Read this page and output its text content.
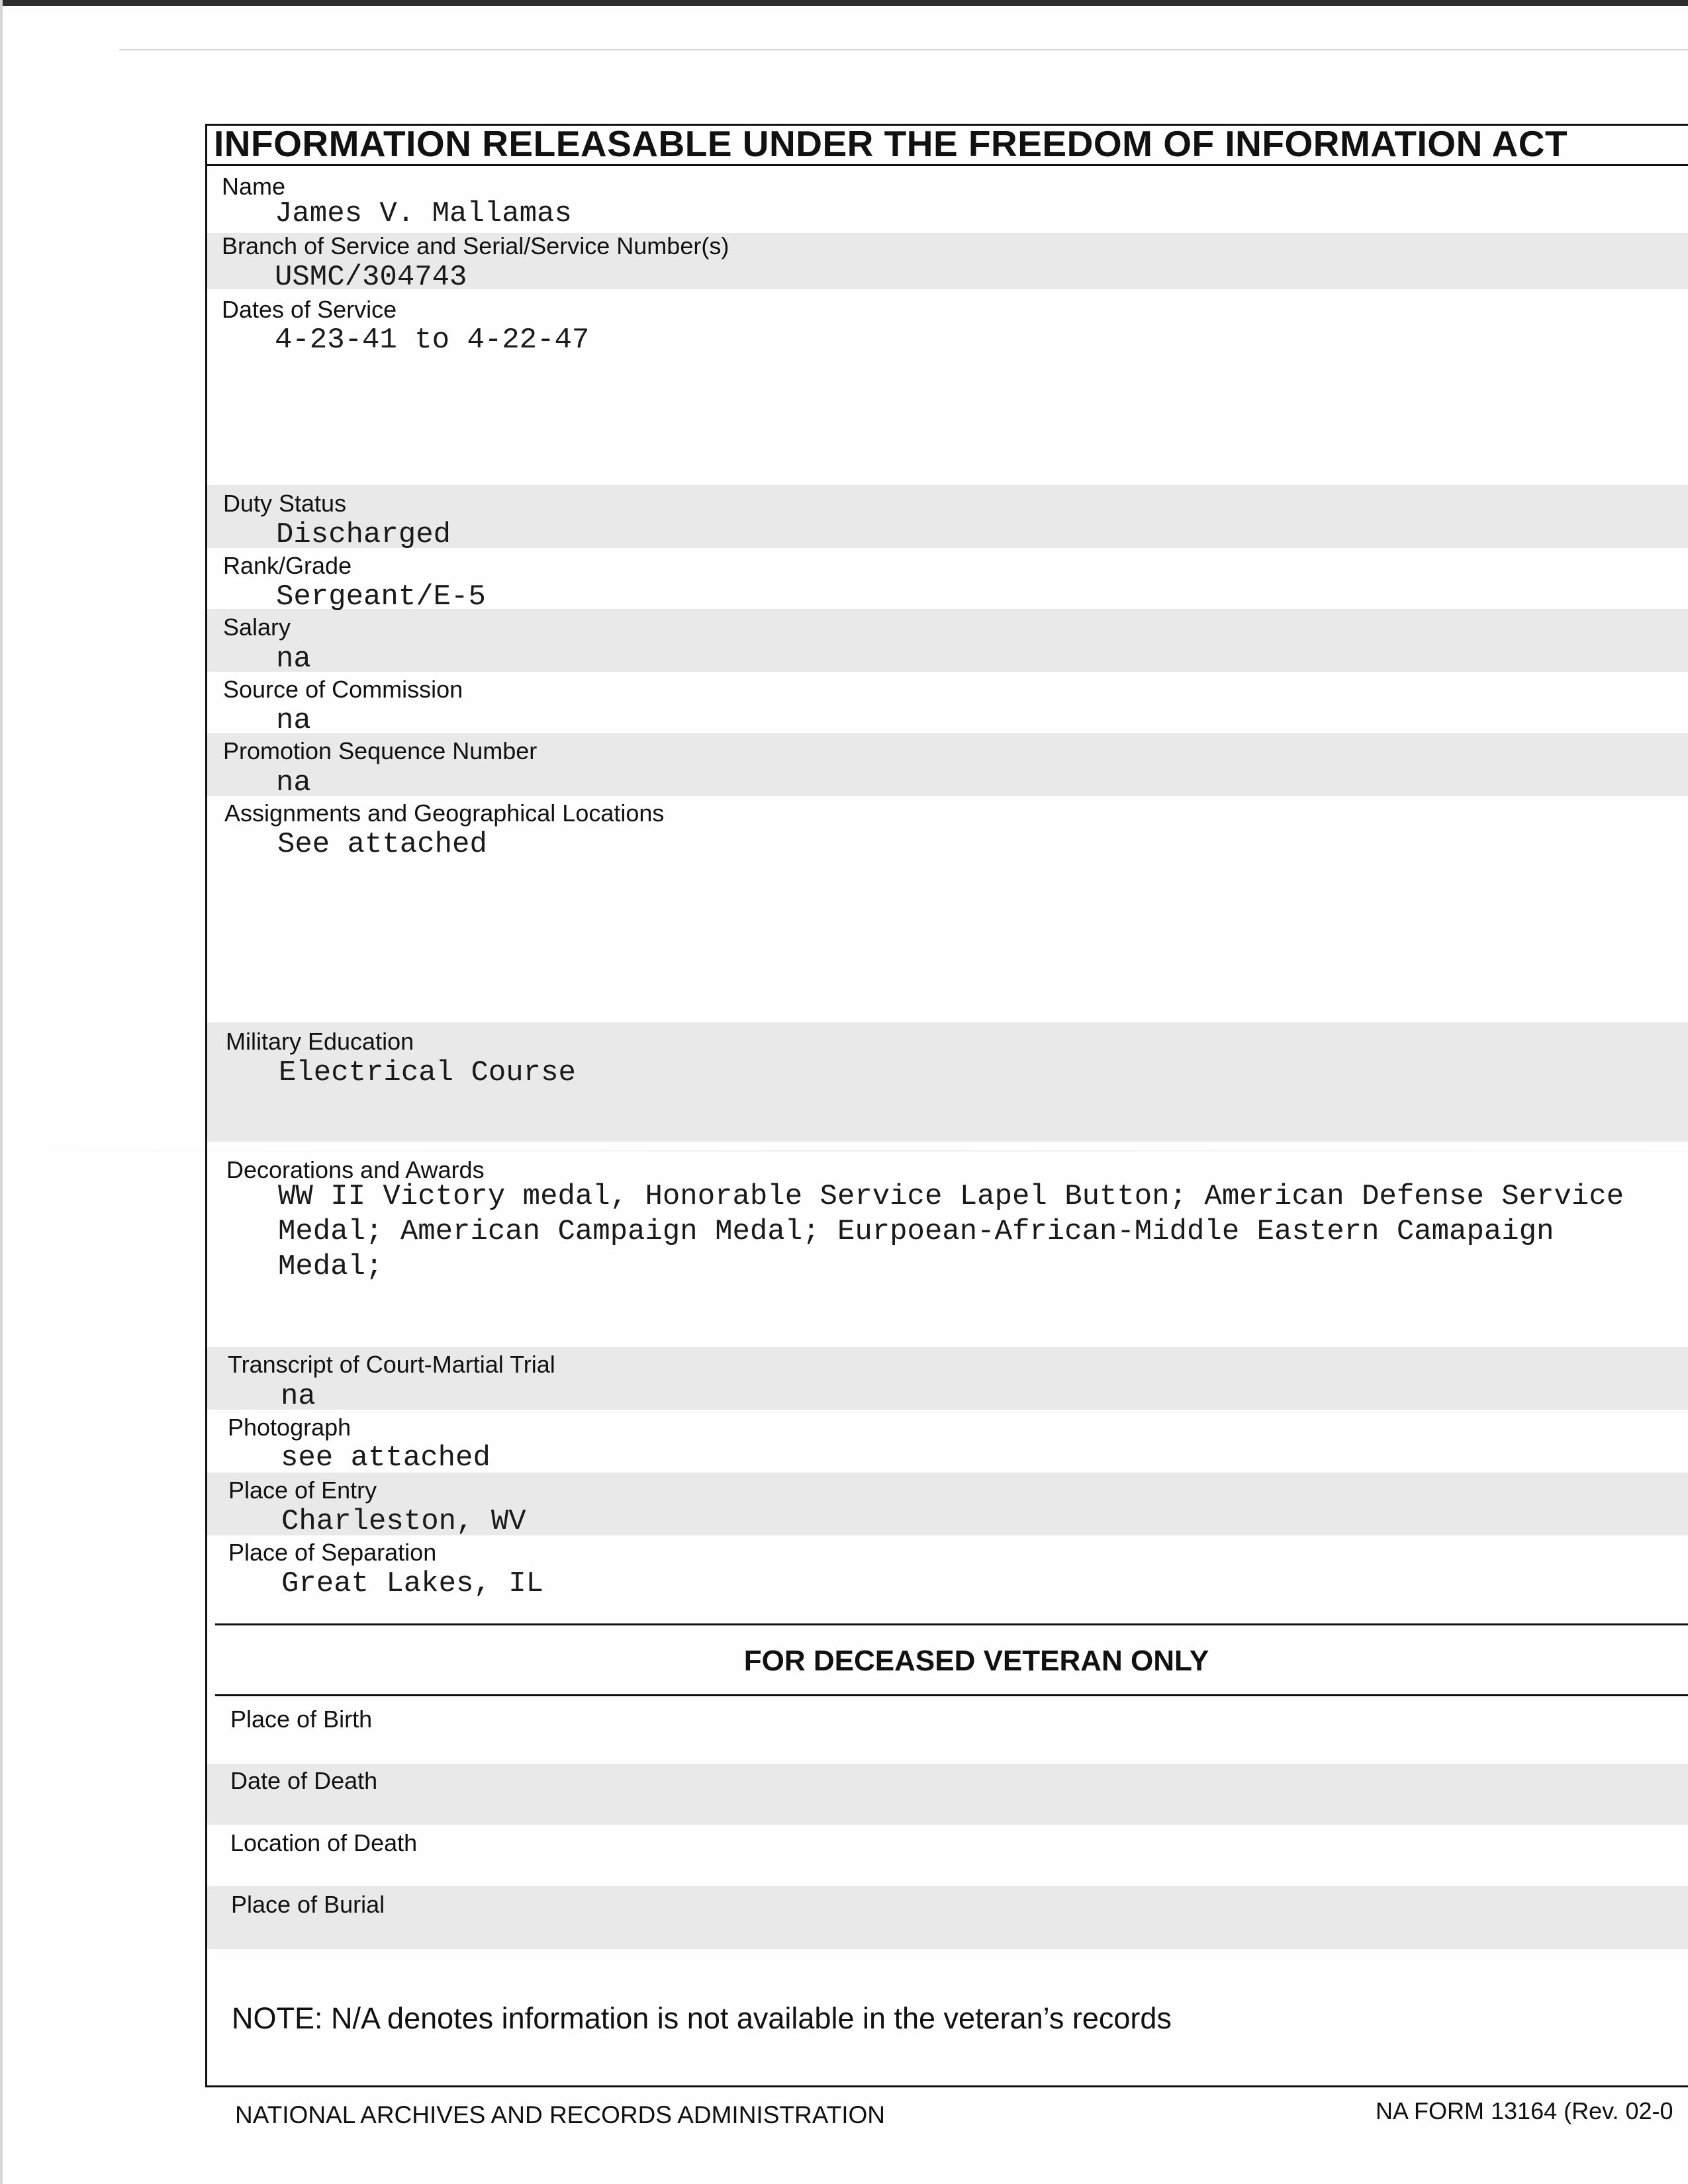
INFORMATION RELEASABLE UNDER THE FREEDOM OF INFORMATION ACT
Name
James V. Mallamas
Branch of Service and Serial/Service Number(s)
USMC/304743
Dates of Service
4-23-41 to 4-22-47
Duty Status
Discharged
Rank/Grade
Sergeant/E-5
Salary
na
Source of Commission
na
Promotion Sequence Number
na
Assignments and Geographical Locations
See attached
Military Education
Electrical Course
Decorations and Awards
WW II Victory medal, Honorable Service Lapel Button; American Defense Service
Medal; American Campaign Medal; Eurpoean-African-Middle Eastern Camapaign
Medal;
Transcript of Court-Martial Trial
na
Photograph
see attached
Place of Entry
Charleston, WV
Place of Separation
Great Lakes, IL
FOR DECEASED VETERAN ONLY
Place of Birth
Date of Death
Location of Death
Place of Burial
NOTE: N/A denotes information is not available in the veteran’s records
NATIONAL ARCHIVES AND RECORDS ADMINISTRATION	NA FORM 13164 (Rev. 02-0
